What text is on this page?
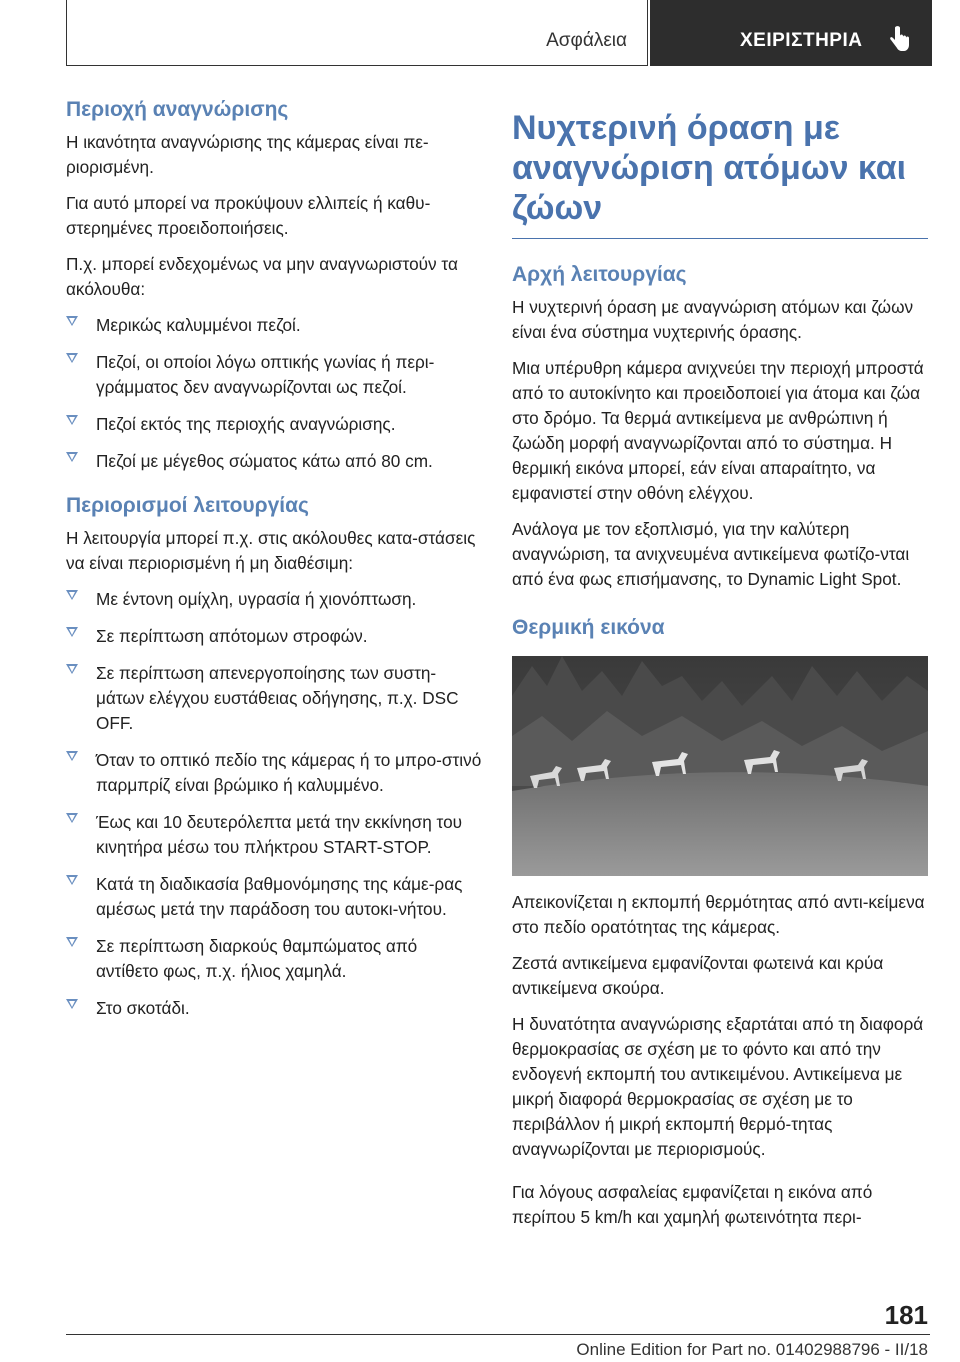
Ασφάλεια	ΧΕΙΡΙΣΤΗΡΙΑ
Περιοχή αναγνώρισης

Η ικανότητα αναγνώρισης της κάμερας είναι πε‐ριορισμένη.

Για αυτό μπορεί να προκύψουν ελλιπείς ή καθυ‐στερημένες προειδοποιήσεις.

Π.χ. μπορεί ενδεχομένως να μην αναγνωριστούν τα ακόλουθα:

Μερικώς καλυμμένοι πεζοί.
Πεζοί, οι οποίοι λόγω οπτικής γωνίας ή περι‐γράμματος δεν αναγνωρίζονται ως πεζοί.
Πεζοί εκτός της περιοχής αναγνώρισης.
Πεζοί με μέγεθος σώματος κάτω από 80 cm.
Περιορισμοί λειτουργίας

Η λειτουργία μπορεί π.χ. στις ακόλουθες κατα‐στάσεις να είναι περιορισμένη ή μη διαθέσιμη:

Με έντονη ομίχλη, υγρασία ή χιονόπτωση.
Σε περίπτωση απότομων στροφών.
Σε περίπτωση απενεργοποίησης των συστη‐μάτων ελέγχου ευστάθειας οδήγησης, π.χ. DSC OFF.
Όταν το οπτικό πεδίο της κάμερας ή το μπρο‐στινό παρμπρίζ είναι βρώμικο ή καλυμμένο.
Έως και 10 δευτερόλεπτα μετά την εκκίνηση του κινητήρα μέσω του πλήκτρου START-STOP.
Κατά τη διαδικασία βαθμονόμησης της κάμε‐ρας αμέσως μετά την παράδοση του αυτοκι‐νήτου.
Σε περίπτωση διαρκούς θαμπώματος από αντίθετο φως, π.χ. ήλιος χαμηλά.
Στο σκοτάδι.
Νυχτερινή όραση με αναγνώριση ατόμων και ζώων
Αρχή λειτουργίας

Η νυχτερινή όραση με αναγνώριση ατόμων και ζώων είναι ένα σύστημα νυχτερινής όρασης.

Μια υπέρυθρη κάμερα ανιχνεύει την περιοχή μπροστά από το αυτοκίνητο και προειδοποιεί για άτομα και ζώα στο δρόμο. Τα θερμά αντικείμενα με ανθρώπινη ή ζωώδη μορφή αναγνωρίζονται από το σύστημα. Η θερμική εικόνα μπορεί, εάν είναι απαραίτητο, να εμφανιστεί στην οθόνη ελέγχου.

Ανάλογα με τον εξοπλισμό, για την καλύτερη αναγνώριση, τα ανιχνευμένα αντικείμενα φωτίζο‐νται από ένα φως επισήμανσης, το Dynamic Light Spot.

Θερμική εικόνα

Απεικονίζεται η εκπομπή θερμότητας από αντι‐κείμενα στο πεδίο ορατότητας της κάμερας.

Ζεστά αντικείμενα εμφανίζονται φωτεινά και κρύα αντικείμενα σκούρα.

Η δυνατότητα αναγνώρισης εξαρτάται από τη διαφορά θερμοκρασίας σε σχέση με το φόντο και από την ενδογενή εκπομπή του αντικειμένου. Αντικείμενα με μικρή διαφορά θερμοκρασίας σε σχέση με το περιβάλλον ή μικρή εκπομπή θερμό‐τητας αναγνωρίζονται με περιορισμούς.

Για λόγους ασφαλείας εμφανίζεται η εικόνα από περίπου 5 km/h και χαμηλή φωτεινότητα περι‐

181
Online Edition for Part no. 01402988796 - II/18
